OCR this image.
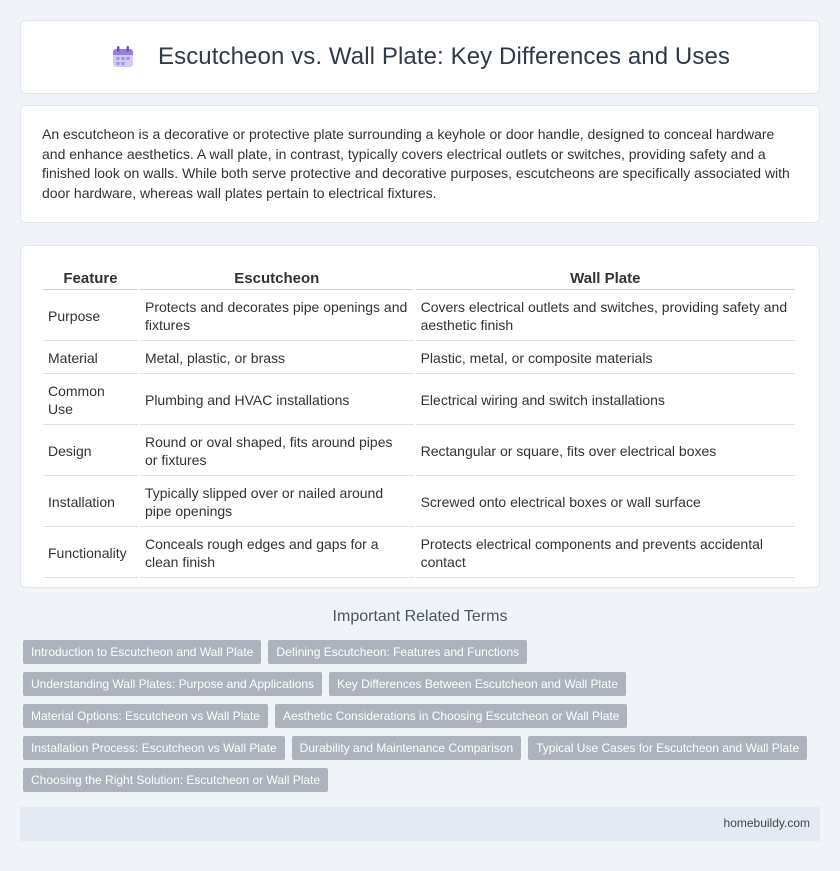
Escutcheon vs. Wall Plate: Key Differences and Uses

An escutcheon is a decorative or protective plate surrounding a keyhole or door handle, designed to conceal hardware and enhance aesthetics. A wall plate, in contrast, typically covers electrical outlets or switches, providing safety and a finished look on walls. While both serve protective and decorative purposes, escutcheons are specifically associated with door hardware, whereas wall plates pertain to electrical fixtures.

Feature	Escutcheon	Wall Plate
Purpose	Protects and decorates pipe openings and fixtures	Covers electrical outlets and switches, providing safety and aesthetic finish
Material	Metal, plastic, or brass	Plastic, metal, or composite materials
Common Use	Plumbing and HVAC installations	Electrical wiring and switch installations
Design	Round or oval shaped, fits around pipes or fixtures	Rectangular or square, fits over electrical boxes
Installation	Typically slipped over or nailed around pipe openings	Screwed onto electrical boxes or wall surface
Functionality	Conceals rough edges and gaps for a clean finish	Protects electrical components and prevents accidental contact
Important Related Terms
Introduction to Escutcheon and Wall Plate	Defining Escutcheon: Features and Functions
Understanding Wall Plates: Purpose and Applications	Key Differences Between Escutcheon and Wall Plate
Material Options: Escutcheon vs Wall Plate	Aesthetic Considerations in Choosing Escutcheon or Wall Plate
Installation Process: Escutcheon vs Wall Plate	Durability and Maintenance Comparison	Typical Use Cases for Escutcheon and Wall Plate
Choosing the Right Solution: Escutcheon or Wall Plate
homebuildy.com
